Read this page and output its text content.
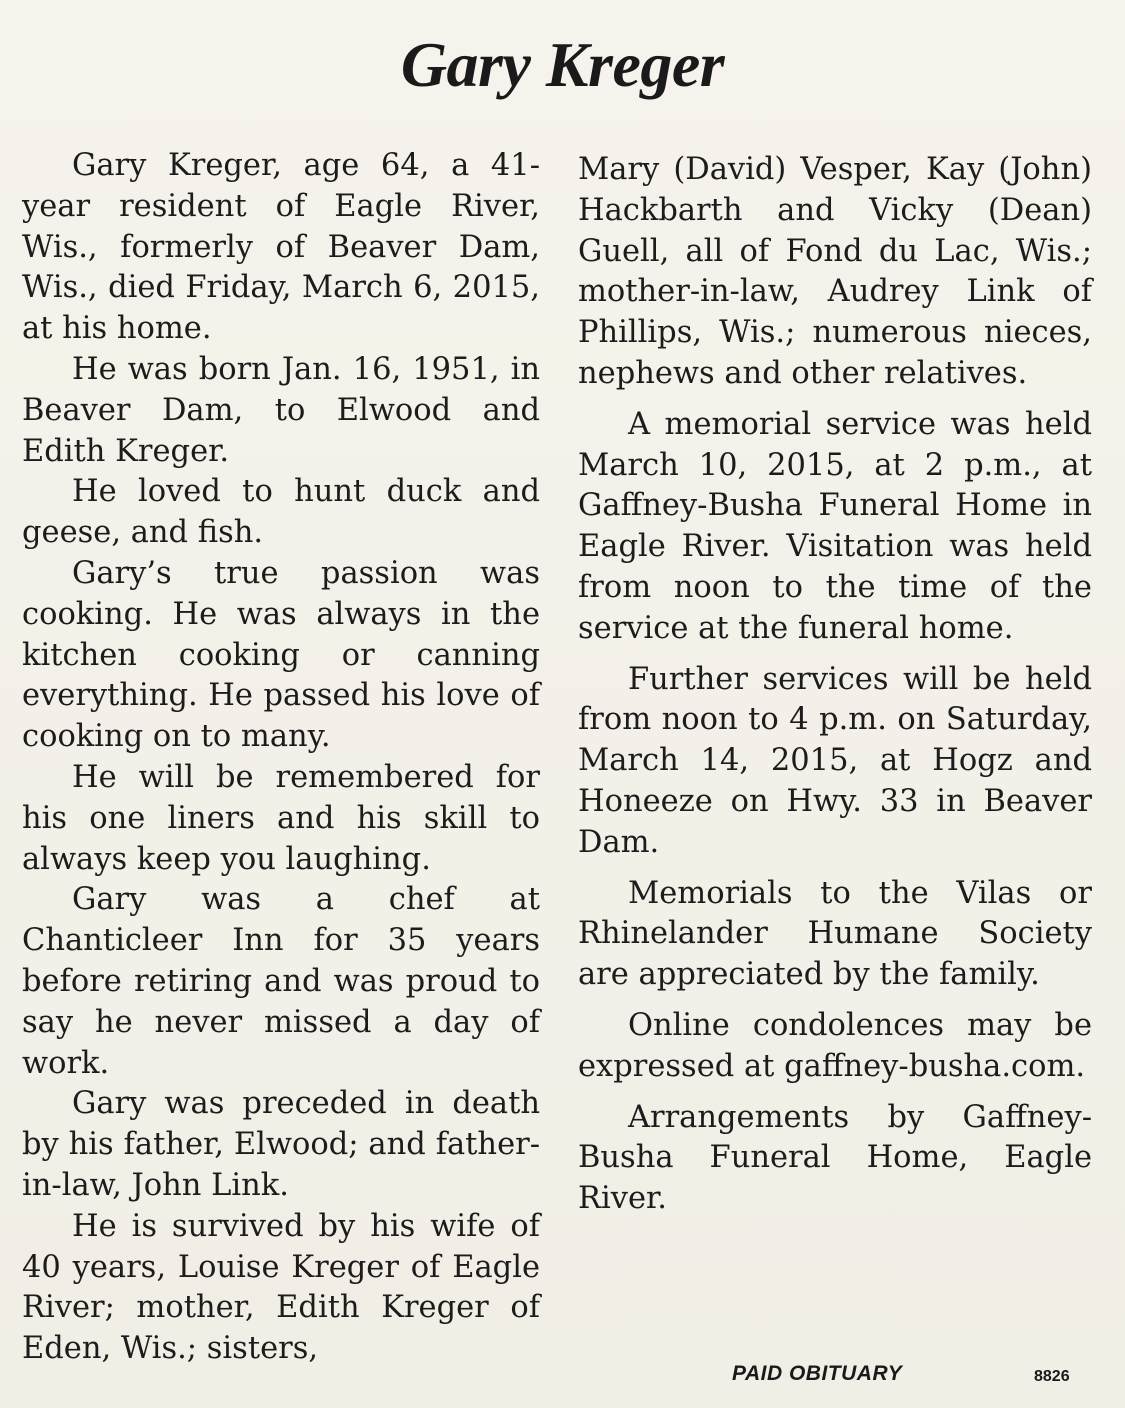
Gary Kreger

Gary Kreger, age 64, a 41-year resident of Eagle River, Wis., formerly of Beaver Dam, Wis., died Friday, March 6, 2015, at his home.

He was born Jan. 16, 1951, in Beaver Dam, to Elwood and Edith Kreger.

He loved to hunt duck and geese, and fish.

Gary’s true passion was cooking. He was always in the kitchen cooking or canning everything. He passed his love of cooking on to many.

He will be remembered for his one liners and his skill to always keep you laughing.

Gary was a chef at Chanticleer Inn for 35 years before retiring and was proud to say he never missed a day of work.

Gary was preceded in death by his father, Elwood; and father-in-law, John Link.

He is survived by his wife of 40 years, Louise Kreger of Eagle River; mother, Edith Kreger of Eden, Wis.; sisters,

Mary (David) Vesper, Kay (John) Hackbarth and Vicky (Dean) Guell, all of Fond du Lac, Wis.; mother-in-law, Audrey Link of Phillips, Wis.; numerous nieces, nephews and other relatives.

A memorial service was held March 10, 2015, at 2 p.m., at Gaffney-Busha Funeral Home in Eagle River. Visitation was held from noon to the time of the service at the funeral home.

Further services will be held from noon to 4 p.m. on Saturday, March 14, 2015, at Hogz and Honeeze on Hwy. 33 in Beaver Dam.

Memorials to the Vilas or Rhinelander Humane Society are appreciated by the family.

Online condolences may be expressed at gaffney-busha.com.

Arrangements by Gaffney-Busha Funeral Home, Eagle River.

PAID OBITUARY	8826
